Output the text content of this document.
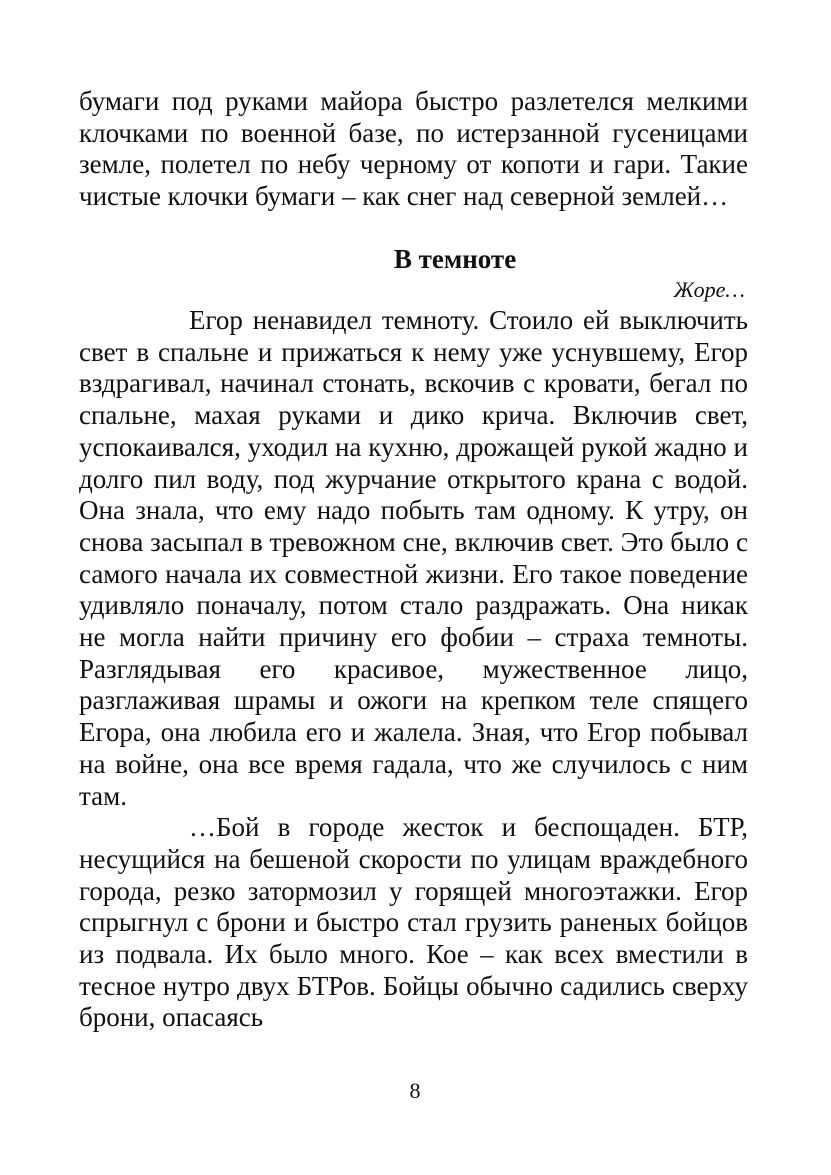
бумаги под руками майора быстро разлетелся мелкими клочками по военной базе, по истерзанной гусеницами земле, полетел по небу черному от копоти и гари. Такие чистые клочки бумаги – как снег над северной землей…

В темноте
Жоре…

Егор ненавидел темноту. Стоило ей выключить свет в спальне и прижаться к нему уже уснувшему, Егор вздрагивал, начинал стонать, вскочив с кровати, бегал по спальне, махая руками и дико крича. Включив свет, успокаивался, уходил на кухню, дрожащей рукой жадно и долго пил воду, под журчание открытого крана с водой. Она знала, что ему надо побыть там одному. К утру, он снова засыпал в тревожном сне, включив свет. Это было с самого начала их совместной жизни. Его такое поведение удивляло поначалу, потом стало раздражать. Она никак не могла найти причину его фобии – страха темноты. Разглядывая его красивое, мужественное лицо, разглаживая шрамы и ожоги на крепком теле спящего Егора, она любила его и жалела. Зная, что Егор побывал на войне, она все время гадала, что же случилось с ним там.

…Бой в городе жесток и беспощаден. БТР, несущийся на бешеной скорости по улицам враждебного города, резко затормозил у горящей многоэтажки. Егор спрыгнул с брони и быстро стал грузить раненых бойцов из подвала. Их было много. Кое – как всех вместили в тесное нутро двух БТРов. Бойцы обычно садились сверху брони, опасаясь

8
